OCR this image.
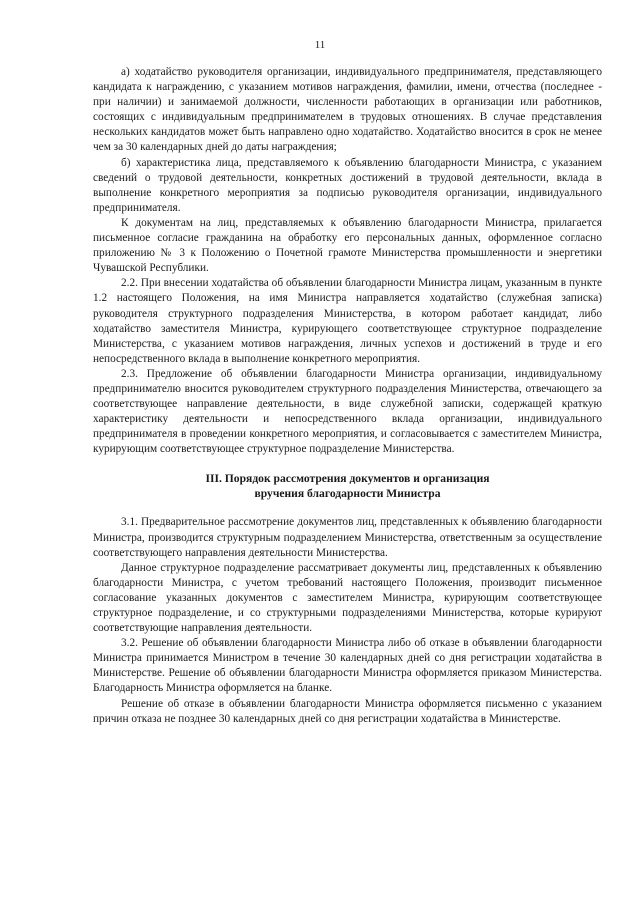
11

а) ходатайство руководителя организации, индивидуального предпринимателя, представляющего кандидата к награждению, с указанием мотивов награждения, фамилии, имени, отчества (последнее - при наличии) и занимаемой должности, численности работающих в организации или работников, состоящих с индивидуальным предпринимателем в трудовых отношениях. В случае представления нескольких кандидатов может быть направлено одно ходатайство. Ходатайство вносится в срок не менее чем за 30 календарных дней до даты награждения;

б) характеристика лица, представляемого к объявлению благодарности Министра, с указанием сведений о трудовой деятельности, конкретных достижений в трудовой деятельности, вклада в выполнение конкретного мероприятия за подписью руководителя организации, индивидуального предпринимателя.

К документам на лиц, представляемых к объявлению благодарности Министра, прилагается письменное согласие гражданина на обработку его персональных данных, оформленное согласно приложению № 3 к Положению о Почетной грамоте Министерства промышленности и энергетики Чувашской Республики.

2.2. При внесении ходатайства об объявлении благодарности Министра лицам, указанным в пункте 1.2 настоящего Положения, на имя Министра направляется ходатайство (служебная записка) руководителя структурного подразделения Министерства, в котором работает кандидат, либо ходатайство заместителя Министра, курирующего соответствующее структурное подразделение Министерства, с указанием мотивов награждения, личных успехов и достижений в труде и его непосредственного вклада в выполнение конкретного мероприятия.

2.3. Предложение об объявлении благодарности Министра организации, индивидуальному предпринимателю вносится руководителем структурного подразделения Министерства, отвечающего за соответствующее направление деятельности, в виде служебной записки, содержащей краткую характеристику деятельности и непосредственного вклада организации, индивидуального предпринимателя в проведении конкретного мероприятия, и согласовывается с заместителем Министра, курирующим соответствующее структурное подразделение Министерства.

III. Порядок рассмотрения документов и организация
вручения благодарности Министра

3.1. Предварительное рассмотрение документов лиц, представленных к объявлению благодарности Министра, производится структурным подразделением Министерства, ответственным за осуществление соответствующего направления деятельности Министерства.

Данное структурное подразделение рассматривает документы лиц, представленных к объявлению благодарности Министра, с учетом требований настоящего Положения, производит письменное согласование указанных документов с заместителем Министра, курирующим соответствующее структурное подразделение, и со структурными подразделениями Министерства, которые курируют соответствующие направления деятельности.

3.2. Решение об объявлении благодарности Министра либо об отказе в объявлении благодарности Министра принимается Министром в течение 30 календарных дней со дня регистрации ходатайства в Министерстве. Решение об объявлении благодарности Министра оформляется приказом Министерства. Благодарность Министра оформляется на бланке.

Решение об отказе в объявлении благодарности Министра оформляется письменно с указанием причин отказа не позднее 30 календарных дней со дня регистрации ходатайства в Министерстве.
